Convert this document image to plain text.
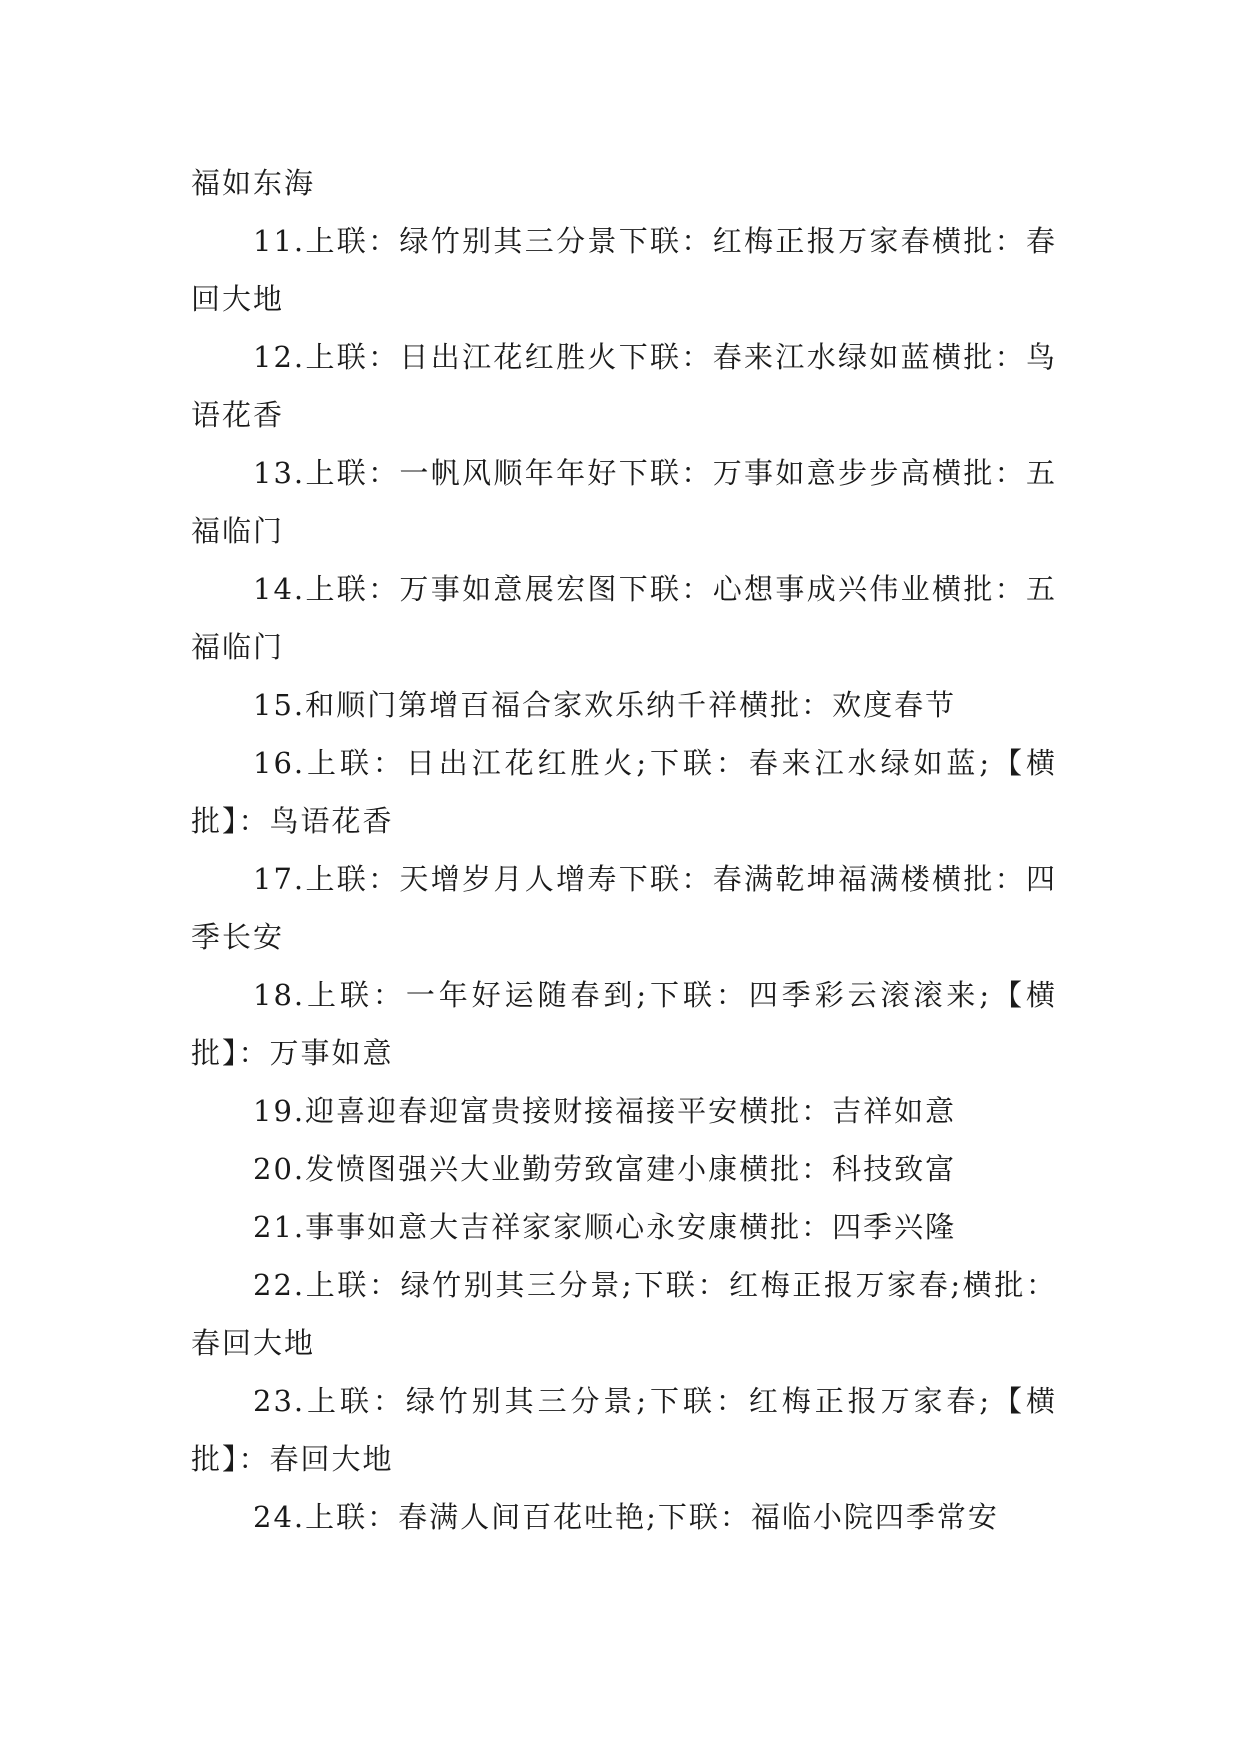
福如东海

11.上联：绿竹别其三分景下联：红梅正报万家春横批：春回大地

12.上联：日出江花红胜火下联：春来江水绿如蓝横批：鸟语花香

13.上联：一帆风顺年年好下联：万事如意步步高横批：五福临门

14.上联：万事如意展宏图下联：心想事成兴伟业横批：五福临门

15.和顺门第增百福合家欢乐纳千祥横批：欢度春节

16.上联：日出江花红胜火;下联：春来江水绿如蓝;【横批】：鸟语花香

17.上联：天增岁月人增寿下联：春满乾坤福满楼横批：四季长安

18.上联：一年好运随春到;下联：四季彩云滚滚来;【横批】：万事如意

19.迎喜迎春迎富贵接财接福接平安横批：吉祥如意

20.发愤图强兴大业勤劳致富建小康横批：科技致富

21.事事如意大吉祥家家顺心永安康横批：四季兴隆

22.上联：绿竹别其三分景;下联：红梅正报万家春;横批：春回大地

23.上联：绿竹别其三分景;下联：红梅正报万家春;【横批】：春回大地

24.上联：春满人间百花吐艳;下联：福临小院四季常安
